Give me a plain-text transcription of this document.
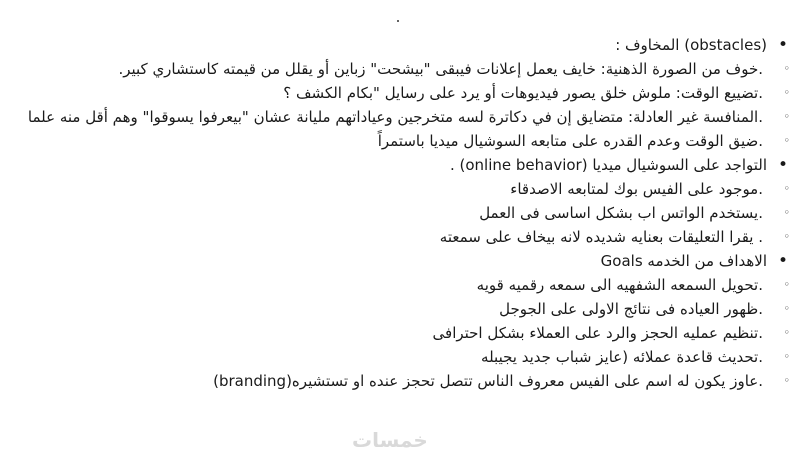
• (obstacles) المخاوف :
◦ .خوف من الصورة الذهنية: خايف يعمل إعلانات فيبقى "بيشحت" زباين أو يقلل من قيمته كاستشاري كبير.
◦ .تضييع الوقت: ملوش خلق يصور فيديوهات أو يرد على رسايل "بكام الكشف ؟
◦ .المنافسة غير العادلة: متضايق إن في دكاترة لسه متخرجين وعياداتهم مليانة عشان "بيعرفوا يسوقوا" وهم أقل منه علما
◦ .ضيق الوقت وعدم القدره على متابعه السوشيال ميديا باستمراً
• التواجد على السوشيال ميديا (online behavior) .
◦ .موجود على الفيس بوك لمتابعه الاصدقاء
◦ .يستخدم الواتس اب بشكل اساسى فى العمل
◦ . يقرا التعليقات بعنايه شديده لانه بيخاف على سمعته
• الاهداف من الخدمه Goals
◦ .تحويل السمعه الشفهيه الى سمعه رقميه قويه
◦ .ظهور العياده فى نتائج الاولى على الجوجل
◦ .تنظيم عمليه الحجز والرد على العملاء بشكل احترافى
◦ .تحديث قاعدة عملائه (عايز شباب جديد يجيبله
◦ .عاوز يكون له اسم على الفيس معروف الناس تتصل تحجز عنده او تستشيره(branding)
خمسات
